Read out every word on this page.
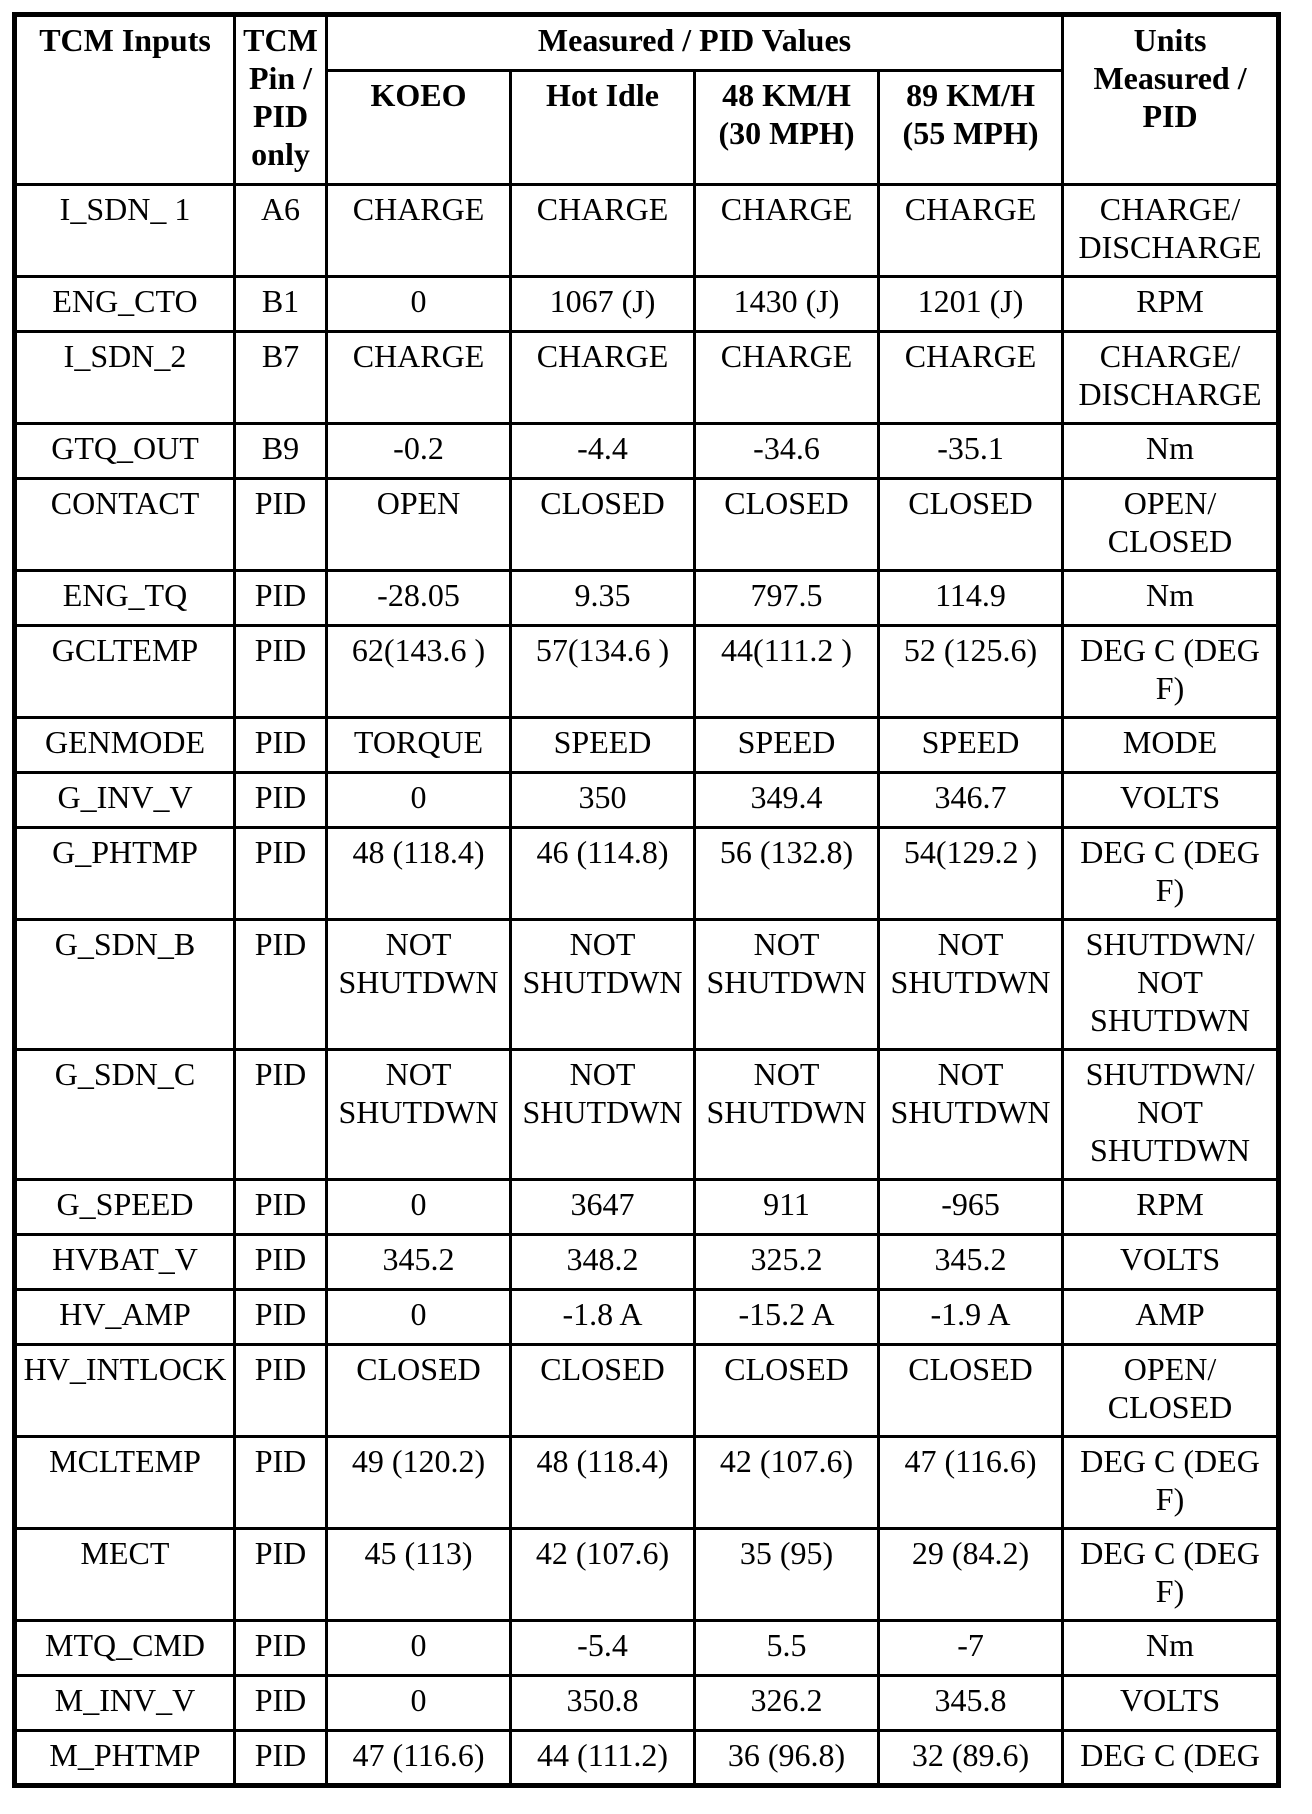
TCM Inputs	TCM Pin / PID only	Measured / PID Values				Units Measured / PID
		KOEO	Hot Idle	48 KM/H (30 MPH)	89 KM/H (55 MPH)	
I_SDN_ 1	A6	CHARGE	CHARGE	CHARGE	CHARGE	CHARGE/ DISCHARGE
ENG_CTO	B1	0	1067 (J)	1430 (J)	1201 (J)	RPM
I_SDN_2	B7	CHARGE	CHARGE	CHARGE	CHARGE	CHARGE/ DISCHARGE
GTQ_OUT	B9	-0.2	-4.4	-34.6	-35.1	Nm
CONTACT	PID	OPEN	CLOSED	CLOSED	CLOSED	OPEN/ CLOSED
ENG_TQ	PID	-28.05	9.35	797.5	114.9	Nm
GCLTEMP	PID	62(143.6 )	57(134.6 )	44(111.2 )	52 (125.6)	DEG C (DEG F)
GENMODE	PID	TORQUE	SPEED	SPEED	SPEED	MODE
G_INV_V	PID	0	350	349.4	346.7	VOLTS
G_PHTMP	PID	48 (118.4)	46 (114.8)	56 (132.8)	54(129.2 )	DEG C (DEG F)
G_SDN_B	PID	NOT SHUTDWN	NOT SHUTDWN	NOT SHUTDWN	NOT SHUTDWN	SHUTDWN/ NOT SHUTDWN
G_SDN_C	PID	NOT SHUTDWN	NOT SHUTDWN	NOT SHUTDWN	NOT SHUTDWN	SHUTDWN/ NOT SHUTDWN
G_SPEED	PID	0	3647	911	-965	RPM
HVBAT_V	PID	345.2	348.2	325.2	345.2	VOLTS
HV_AMP	PID	0	-1.8 A	-15.2 A	-1.9 A	AMP
HV_INTLOCK	PID	CLOSED	CLOSED	CLOSED	CLOSED	OPEN/ CLOSED
MCLTEMP	PID	49 (120.2)	48 (118.4)	42 (107.6)	47 (116.6)	DEG C (DEG F)
MECT	PID	45 (113)	42 (107.6)	35 (95)	29 (84.2)	DEG C (DEG F)
MTQ_CMD	PID	0	-5.4	5.5	-7	Nm
M_INV_V	PID	0	350.8	326.2	345.8	VOLTS
M_PHTMP	PID	47 (116.6)	44 (111.2)	36 (96.8)	32 (89.6)	DEG C (DEG
